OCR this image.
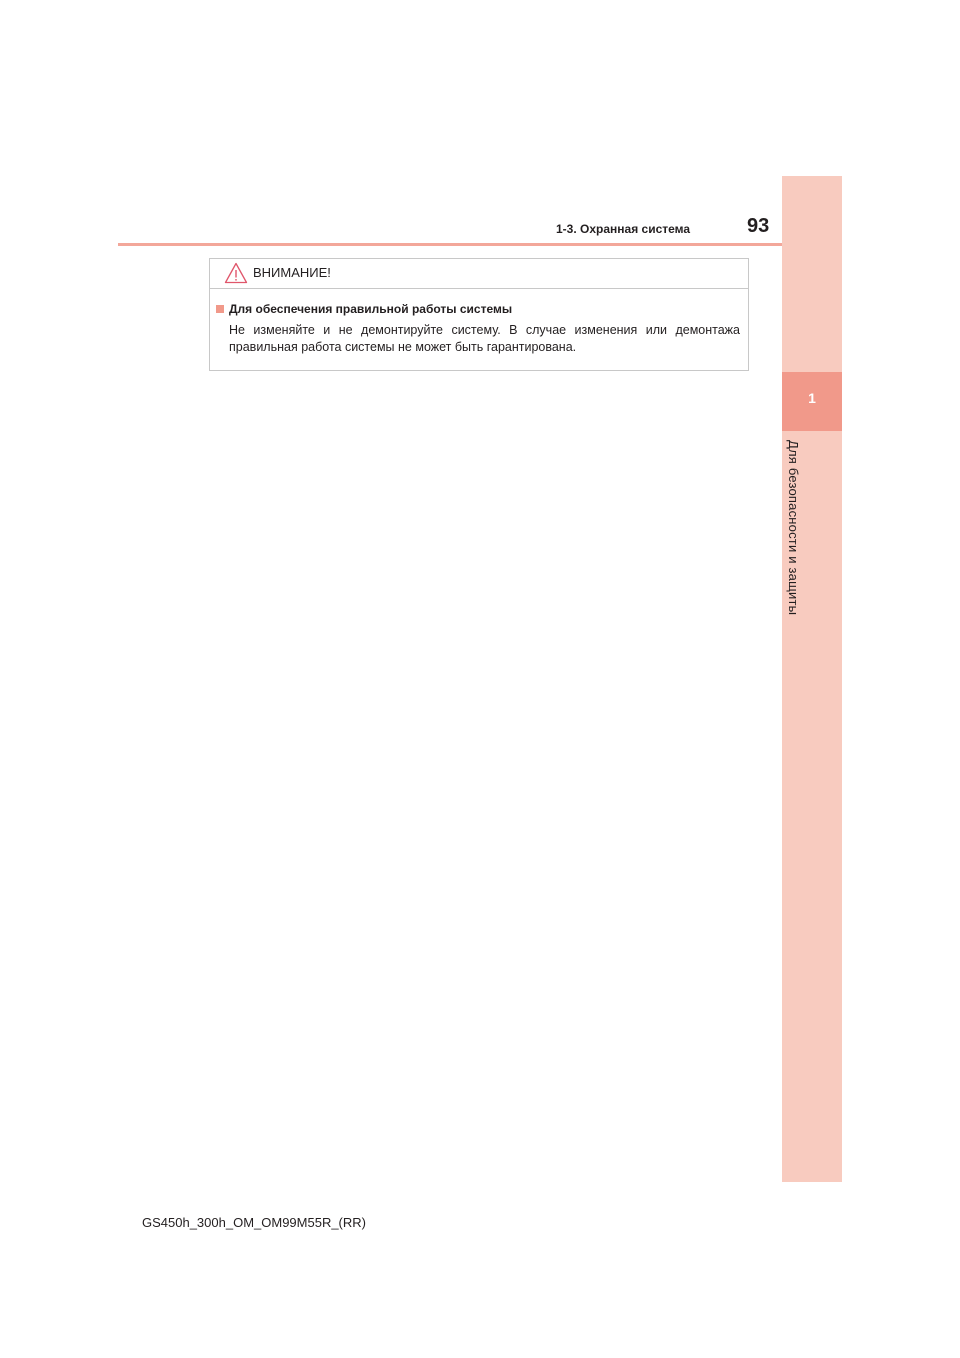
1-3. Охранная система	93
1
Для безопасности и защиты
ВНИМАНИЕ!
Для обеспечения правильной работы системы
Не изменяйте и не демонтируйте систему. В случае изменения или демонтажа правильная работа системы не может быть гарантирована.
GS450h_300h_OM_OM99M55R_(RR)
